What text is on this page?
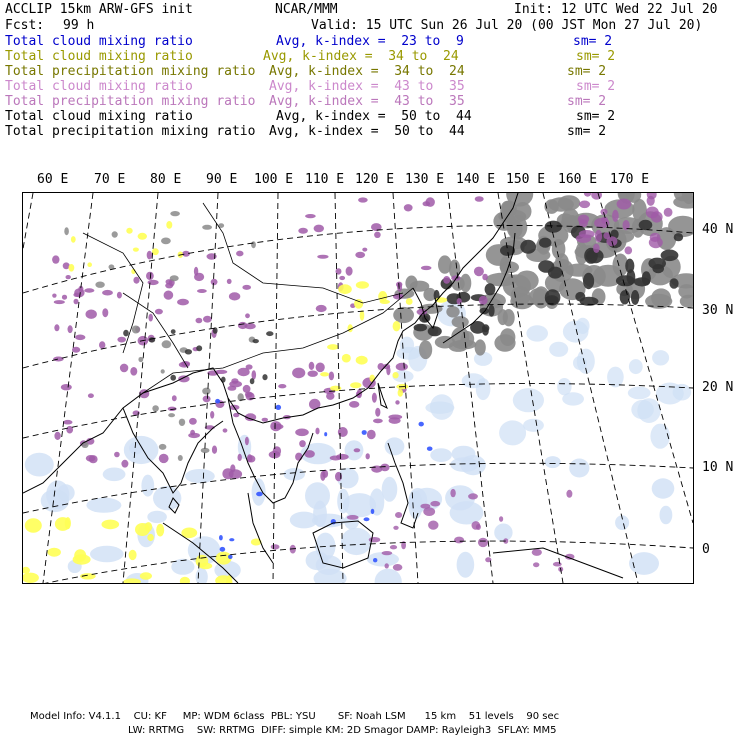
ACCLIP 15km ARW-GFS init	NCAR/MMM	Init: 12 UTC Wed 22 Jul 20
Fcst: 99 h	Valid: 15 UTC Sun 26 Jul 20 (00 JST Mon 27 Jul 20)
Total cloud mixing ratio	Avg, k-index =  23 to  9	sm= 2
Total cloud mixing ratio	Avg, k-index =  34 to  24	sm= 2
Total precipitation mixing ratio Avg, k-index =  34 to  24	sm= 2
Total cloud mixing ratio	Avg, k-index =  43 to  35	sm= 2
Total precipitation mixing ratio Avg, k-index =  43 to  35	sm= 2
Total cloud mixing ratio	Avg, k-index =  50 to  44	sm= 2
Total precipitation mixing ratio Avg, k-index =  50 to  44	sm= 2
60 E 70 E 80 E 90 E 100 E 110 E 120 E 130 E 140 E 150 E 160 E 170 E
40 N
30 N
20 N
10 N
0
Model Info: V4.1.1    CU: KF     MP: WDM 6class  PBL: YSU       SF: Noah LSM      15 km    51 levels    90 sec
LW: RRTMG    SW: RRTMG  DIFF: simple KM: 2D Smagor DAMP: Rayleigh3  SFLAY: MM5
